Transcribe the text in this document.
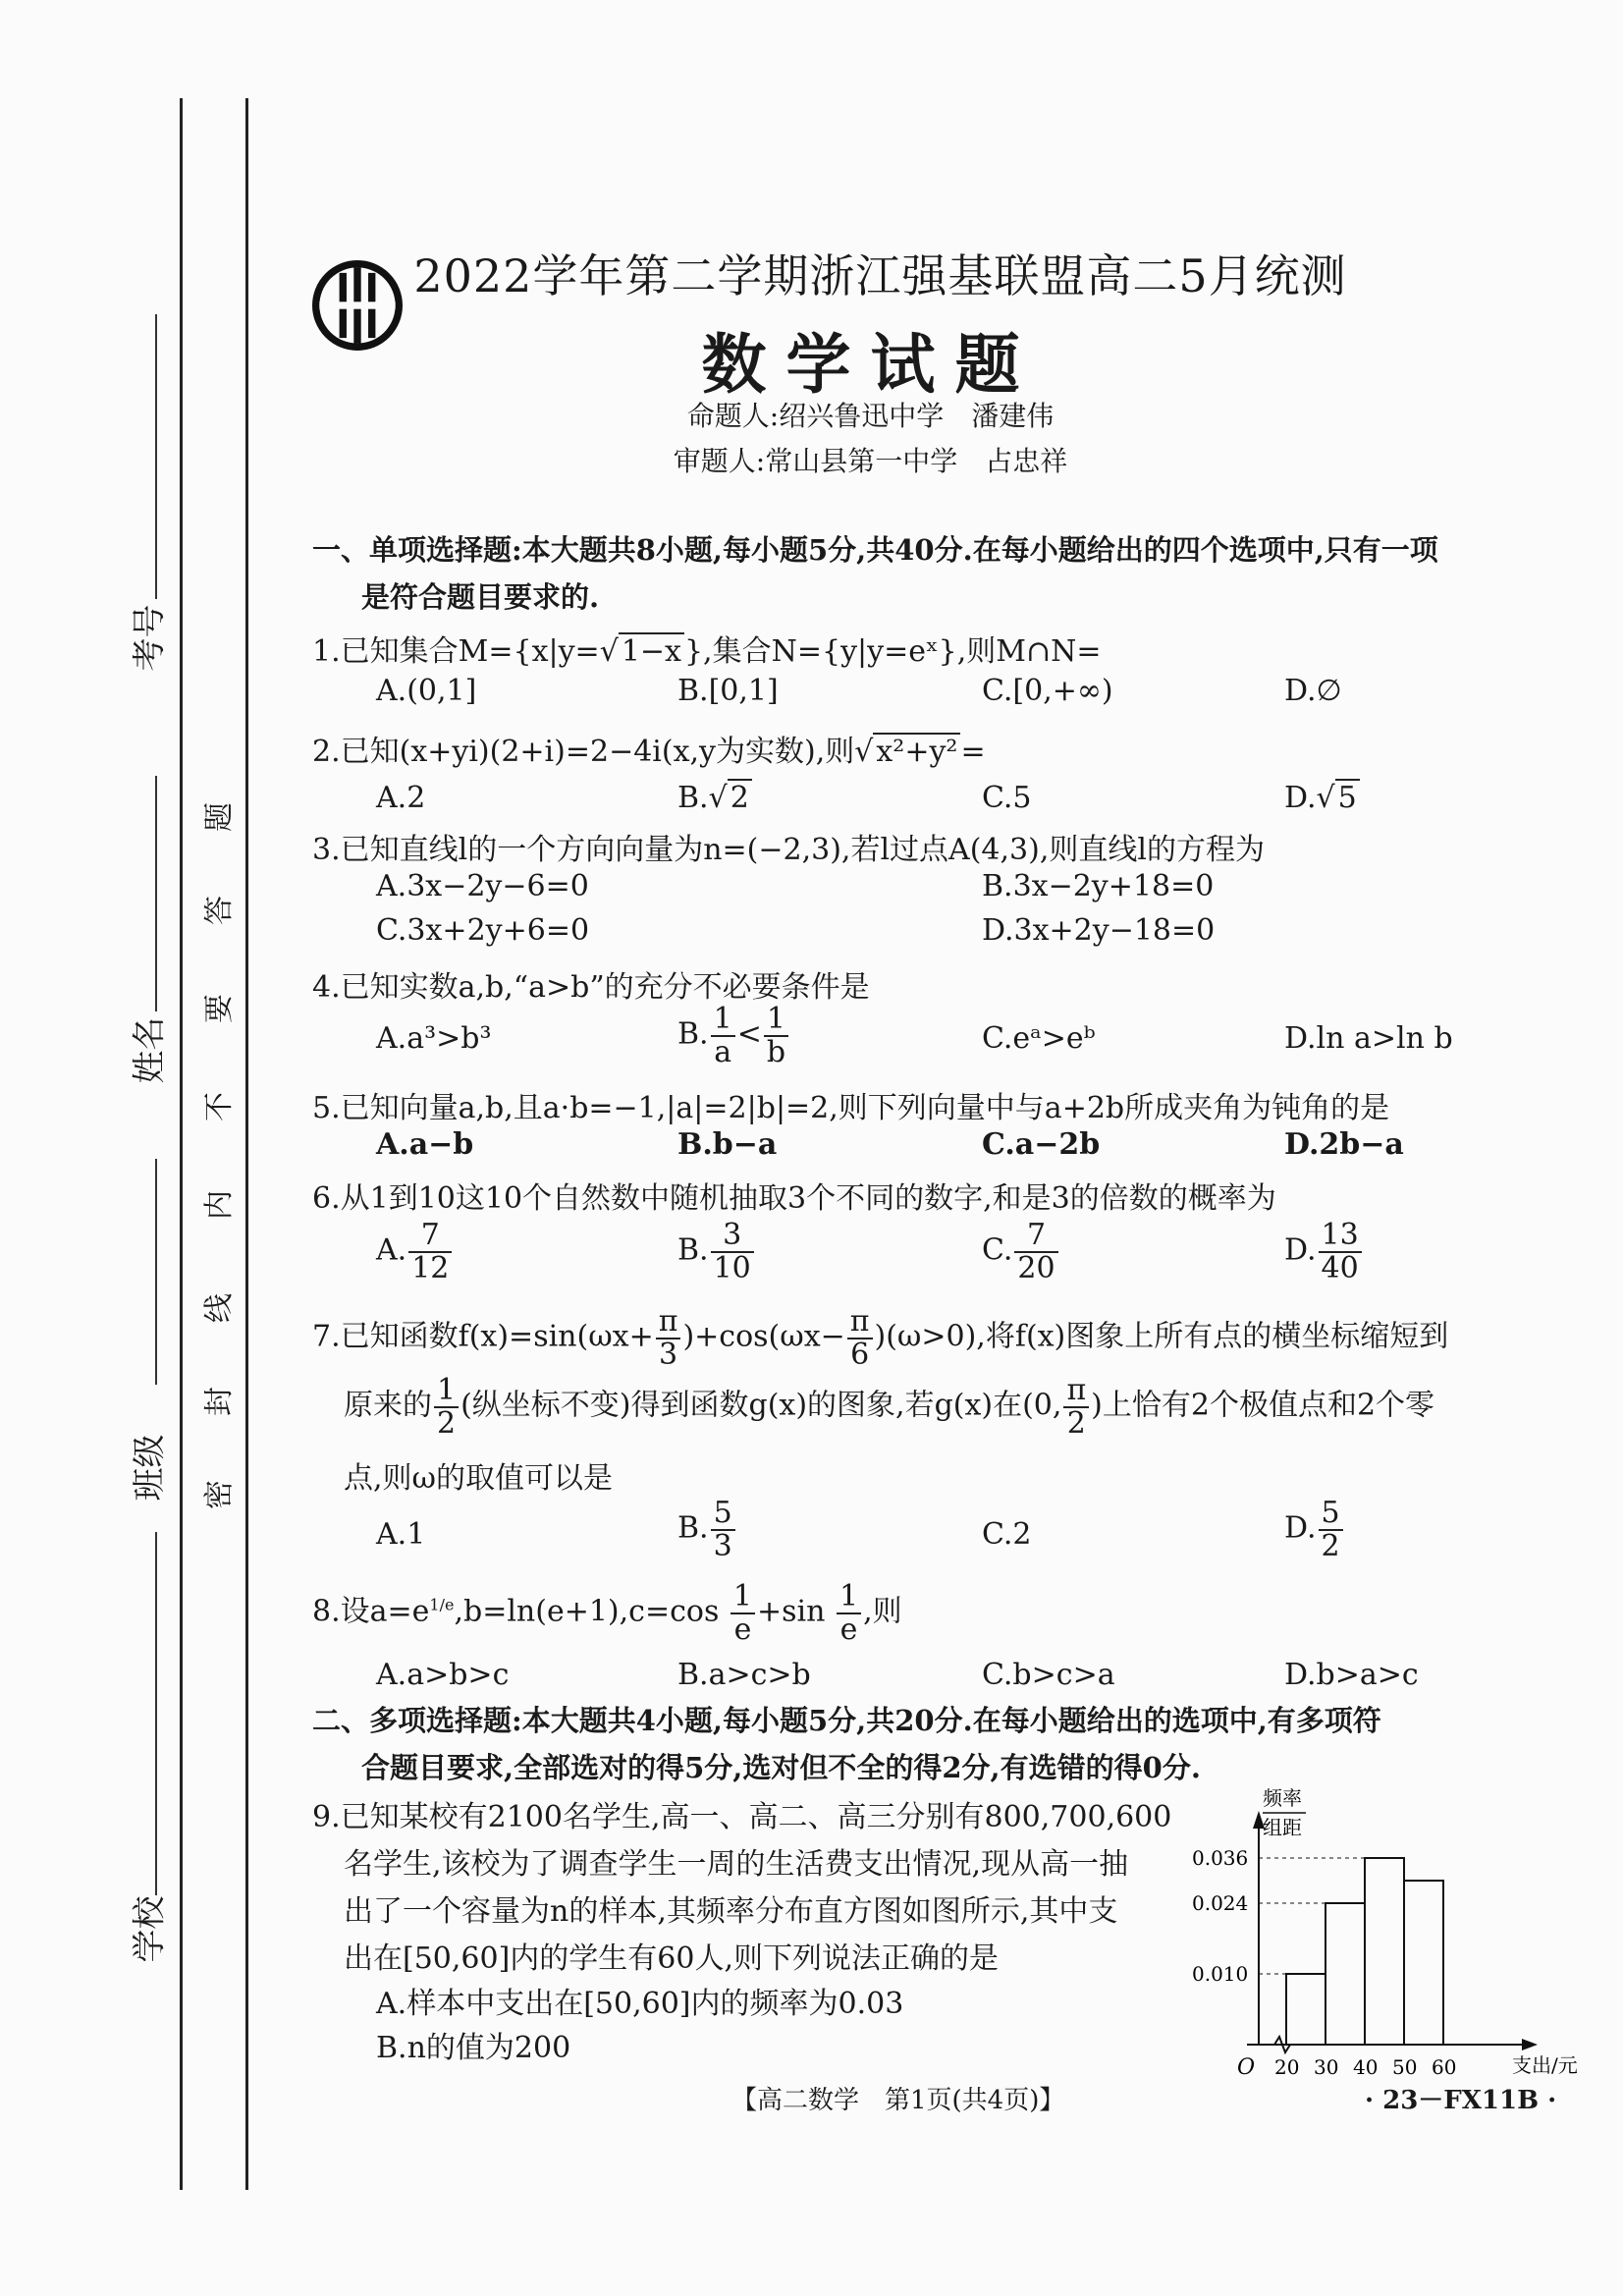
考号
姓名
班级
学校
题
答
要
不
内
线
封
密
2022学年第二学期浙江强基联盟高二5月统测
数学试题
命题人:绍兴鲁迅中学　潘建伟
审题人:常山县第一中学　占忠祥
一、单项选择题:本大题共8小题,每小题5分,共40分.在每小题给出的四个选项中,只有一项
是符合题目要求的.
1.已知集合M={x|y=√ 1−x },集合N={y|y=eˣ},则M∩N=
A.(0,1]	B.[0,1]	C.[0,+∞)	D.∅
2.已知(x+yi)(2+i)=2−4i(x,y为实数),则√ x²+y² =
A.2	B.√ 2	C.5	D.√ 5
3.已知直线l的一个方向向量为n=(−2,3),若l过点A(4,3),则直线l的方程为
A.3x−2y−6=0	B.3x−2y+18=0
C.3x+2y+6=0	D.3x+2y−18=0
4.已知实数a,b,“a>b”的充分不必要条件是
A.a³>b³	B. $\frac{1}{a} < \frac{1}{b}$	C.eᵃ>eᵇ	D.ln a>ln b
5.已知向量a,b,且a·b=−1,|a|=2|b|=2,则下列向量中与a+2b所成夹角为钝角的是
A.a−b	B.b−a	C.a−2b	D.2b−a
6.从1到10这10个自然数中随机抽取3个不同的数字,和是3的倍数的概率为
A. $\frac{7}{12}$	B. $\frac{3}{10}$	C. $\frac{7}{20}$	D. $\frac{13}{40}$
7.已知函数$f(x)=\sin(\omega x+ \frac{\pi}{3} )+\cos(\omega x- \frac{\pi}{6} )(\omega>0)$,将f(x)图象上所有点的横坐标缩短到
原来的 $\frac{1}{2}$ (纵坐标不变)得到函数g(x)的图象,若g(x)在(0, $\frac{\pi}{2}$ )上恰有2个极值点和2个零
点,则ω的取值可以是
A.1	B. $\frac{5}{3}$	C.2	D. $\frac{5}{2}$
8.设$a=e^{1/e},b=\ln(e+1),c=\cos \frac{1}{e} +\sin \frac{1}{e}$ ,则
A.a>b>c	B.a>c>b	C.b>c>a	D.b>a>c
二、多项选择题:本大题共4小题,每小题5分,共20分.在每小题给出的选项中,有多项符
合题目要求,全部选对的得5分,选对但不全的得2分,有选错的得0分.
9.已知某校有2100名学生,高一、高二、高三分别有800,700,600
名学生,该校为了调查学生一周的生活费支出情况,现从高一抽
出了一个容量为n的样本,其频率分布直方图如图所示,其中支
出在[50,60]内的学生有60人,则下列说法正确的是
A.样本中支出在[50,60]内的频率为0.03
B.n的值为200
频率
组距
支出/元
O
0.036
0.024
0.010
20 30 40 50 60
【高二数学　第1页(共4页)】	· 23－FX11B ·
